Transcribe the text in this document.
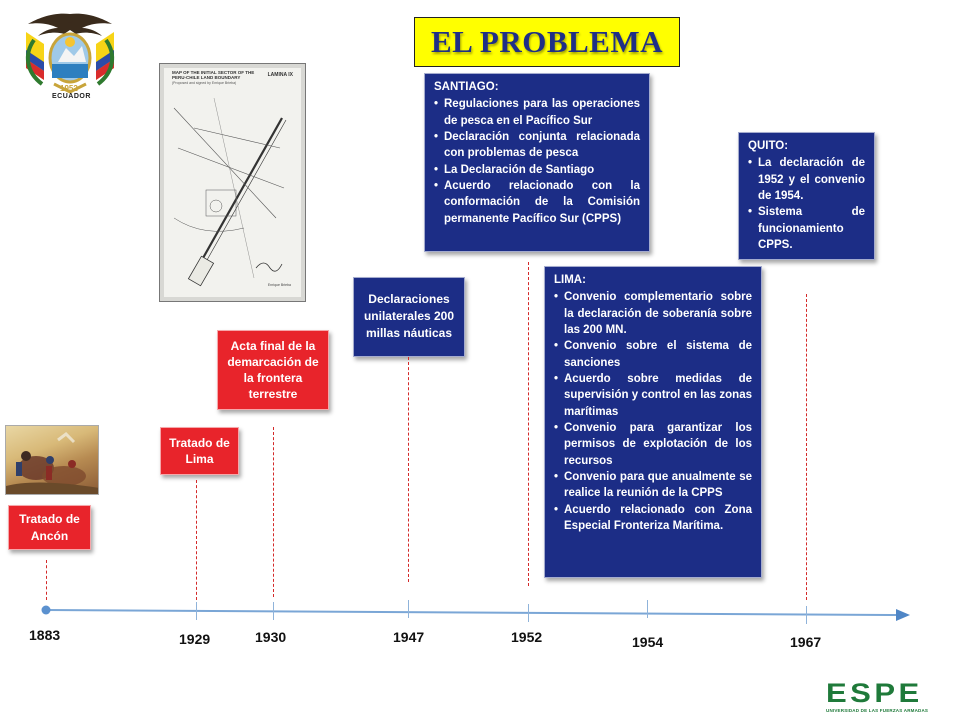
1952
ECUADOR
EL PROBLEMA
MAP OF THE INITIAL SECTOR OF THE PERU-CHILE LAND BOUNDARY
(Proposed and signed by Enrique Brieba)
LAMINA IX
Enrique Brieba
Tratado de Ancón
Tratado de Lima
Acta final de la demarcación de la frontera terrestre
Declaraciones unilaterales 200 millas náuticas
SANTIAGO:
• Regulaciones para las operaciones de pesca en el Pacífico Sur
• Declaración conjunta relacionada con problemas de pesca
• La Declaración de Santiago
• Acuerdo relacionado con la conformación de la Comisión permanente Pacífico Sur (CPPS)
QUITO:
• La declaración de 1952 y el convenio de 1954.
• Sistema de funcionamiento CPPS.
LIMA:
• Convenio complementario sobre la declaración de soberanía sobre las 200 MN.
• Convenio sobre el sistema de sanciones
• Acuerdo sobre medidas de supervisión y control en las zonas marítimas
• Convenio para garantizar los permisos de explotación de los recursos
• Convenio para que anualmente se realice la reunión de la CPPS
• Acuerdo relacionado con Zona Especial Fronteriza Marítima.
1883	1929	1930	1947	1952	1954	1967
ESPE
UNIVERSIDAD DE LAS FUERZAS ARMADAS
